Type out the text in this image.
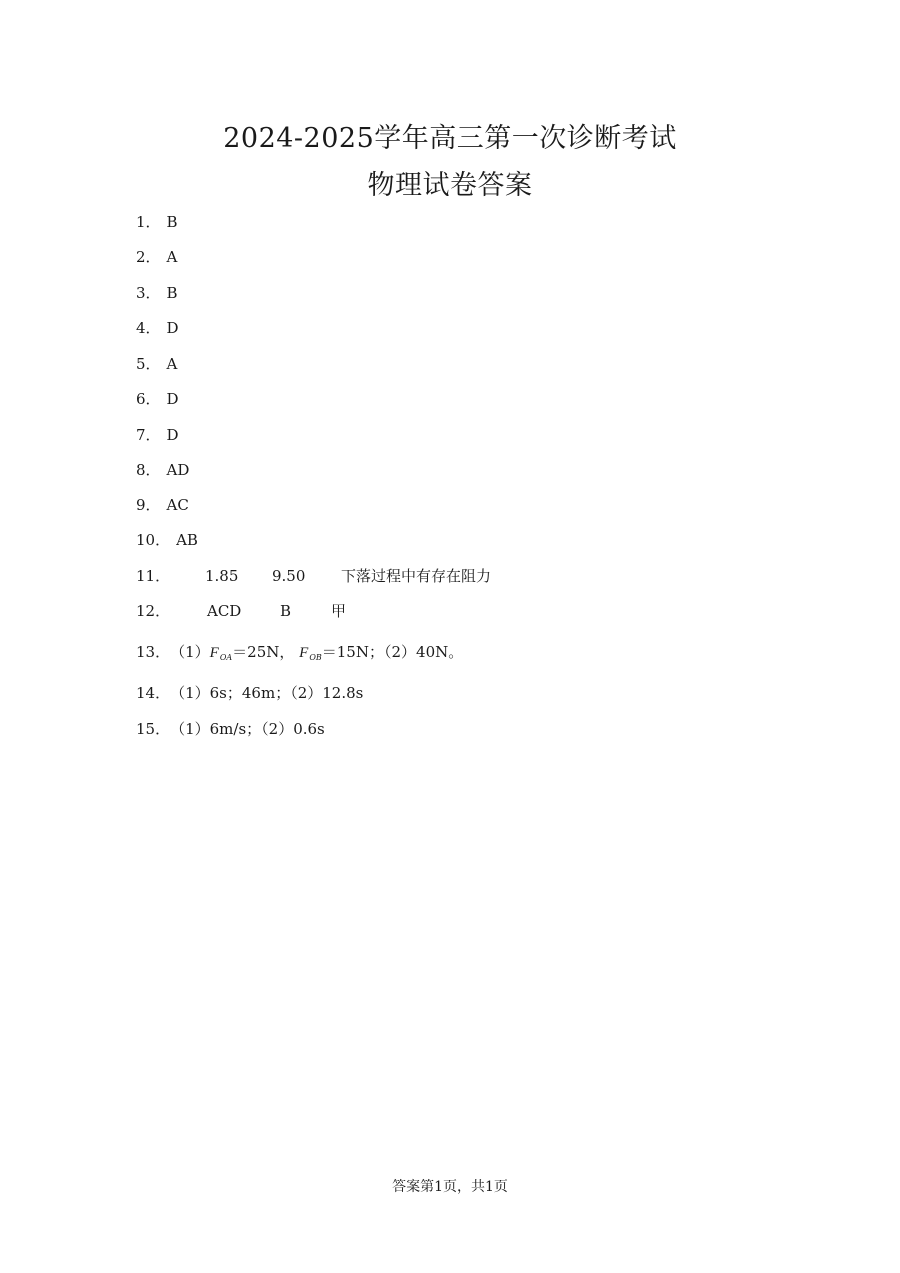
2024-2025学年高三第一次诊断考试
物理试卷答案
1． B
2． A
3． B
4． D
5． A
6． D
7． D
8． AD
9． AC
10． AB
11． 1.85 9.50 下落过程中有存在阻力
12． ACD	B	甲
13．$(1)F_{OA}=25N$， $F_{OB}=15N$；（2）40N。
14．（1）6s；46m；（2）12.8s
15．（1）6m/s；（2）0.6s
答案第1页，共1页
